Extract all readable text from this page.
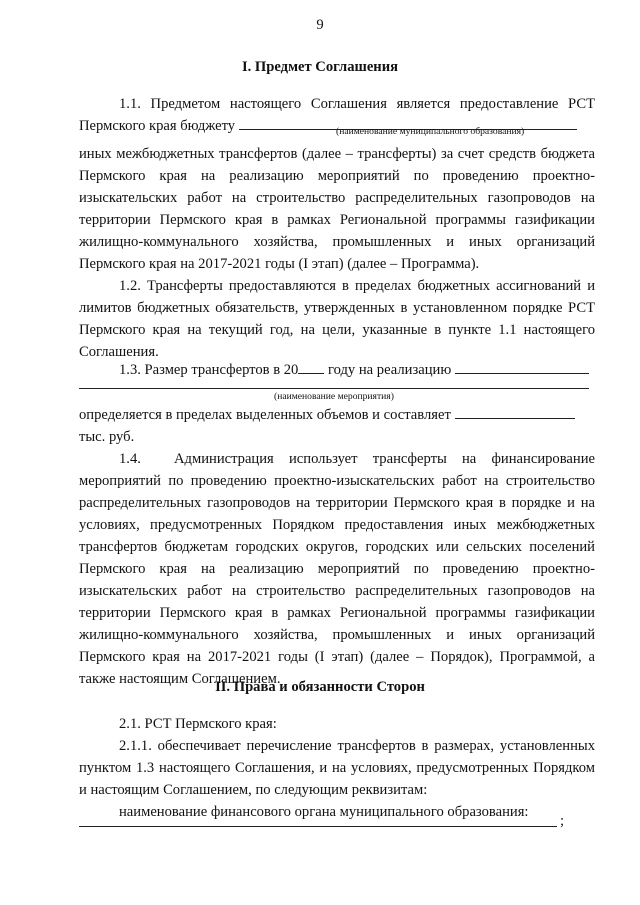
9
I. Предмет Соглашения
1.1. Предметом настоящего Соглашения является предоставление РСТ Пермского края бюджету	(наименование муниципального образования)
иных межбюджетных трансфертов (далее – трансферты) за счет средств бюджета Пермского края на реализацию мероприятий по проведению проектно-изыскательских работ на строительство распределительных газопроводов на территории Пермского края в рамках Региональной программы газификации жилищно-коммунального хозяйства, промышленных и иных организаций Пермского края на 2017-2021 годы (I этап) (далее – Программа).
1.2. Трансферты предоставляются в пределах бюджетных ассигнований и лимитов бюджетных обязательств, утвержденных в установленном порядке РСТ Пермского края на текущий год, на цели, указанные в пункте 1.1 настоящего Соглашения.
1.3. Размер трансфертов в 20 году на реализацию
(наименование мероприятия)
определяется в пределах выделенных объемов и составляет
тыс. руб.
1.4. Администрация использует трансферты на финансирование
мероприятий по проведению проектно-изыскательских работ на строительство распределительных газопроводов на территории Пермского края в порядке и на условиях, предусмотренных Порядком предоставления иных межбюджетных трансфертов бюджетам городских округов, городских или сельских поселений Пермского края на реализацию мероприятий по проведению проектно-изыскательских работ на строительство распределительных газопроводов на территории Пермского края в рамках Региональной программы газификации жилищно-коммунального хозяйства, промышленных и иных организаций Пермского края на 2017-2021 годы (I этап) (далее – Порядок), Программой, а также настоящим Соглашением.
II. Права и обязанности Сторон
2.1. РСТ Пермского края:
2.1.1. обеспечивает перечисление трансфертов в размерах, установленных пунктом 1.3 настоящего Соглашения, и на условиях, предусмотренных Порядком и настоящим Соглашением, по следующим реквизитам:
наименование финансового органа муниципального образования:
;
